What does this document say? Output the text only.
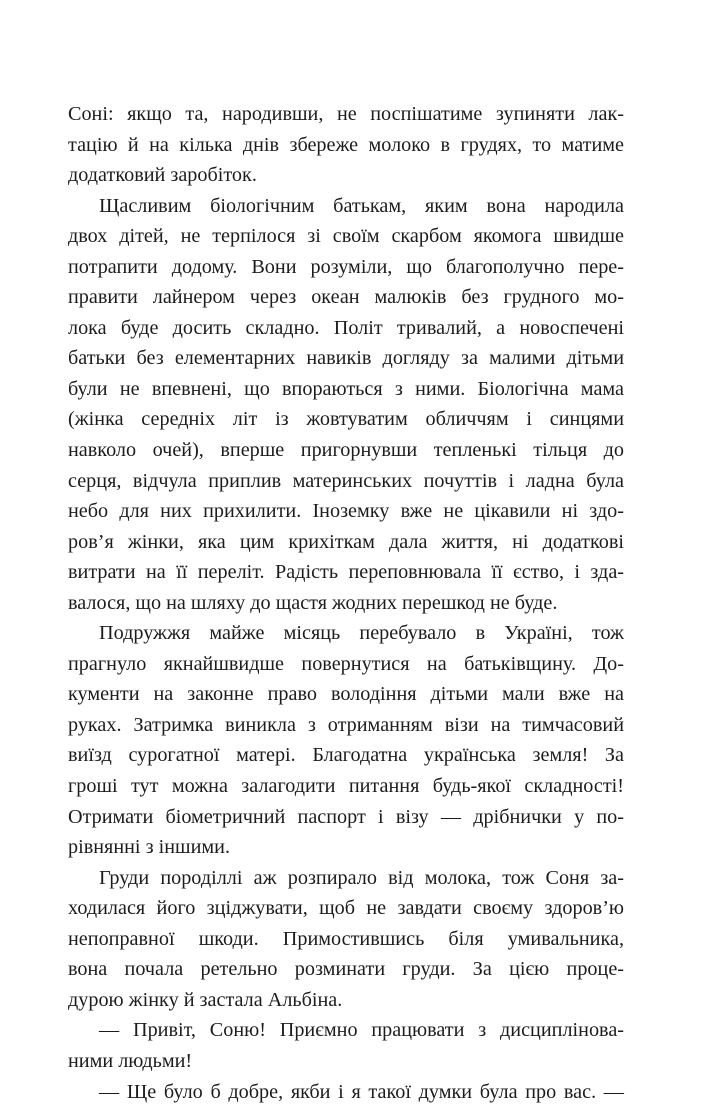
Соні: якщо та, народивши, не поспішатиме зупиняти лак-
тацію й на кілька днів збереже молоко в грудях, то матиме
додатковий заробіток.
Щасливим біологічним батькам, яким вона народила
двох дітей, не терпілося зі своїм скарбом якомога швидше
потрапити додому. Вони розуміли, що благополучно пере-
правити лайнером через океан малюків без грудного мо-
лока буде досить складно. Політ тривалий, а новоспечені
батьки без елементарних навиків догляду за малими дітьми
були не впевнені, що впораються з ними. Біологічна мама
(жінка середніх літ із жовтуватим обличчям і синцями
навколо очей), вперше пригорнувши тепленькі тільця до
серця, відчула приплив материнських почуттів і ладна була
небо для них прихилити. Іноземку вже не цікавили ні здо-
ров’я жінки, яка цим крихіткам дала життя, ні додаткові
витрати на її переліт. Радість переповнювала її єство, і зда-
валося, що на шляху до щастя жодних перешкод не буде.
Подружжя майже місяць перебувало в Україні, тож
прагнуло якнайшвидше повернутися на батьківщину. До-
кументи на законне право володіння дітьми мали вже на
руках. Затримка виникла з отриманням візи на тимчасовий
виїзд сурогатної матері. Благодатна українська земля! За
гроші тут можна залагодити питання будь-якої складності!
Отримати біометричний паспорт і візу — дрібнички у по-
рівнянні з іншими.
Груди породіллі аж розпирало від молока, тож Соня за-
ходилася його зціджувати, щоб не завдати своєму здоров’ю
непоправної шкоди. Примостившись біля умивальника,
вона почала ретельно розминати груди. За цією проце-
дурою жінку й застала Альбіна.
— Привіт, Соню! Приємно працювати з дисциплінова-
ними людьми!
— Ще було б добре, якби і я такої думки була про вас. —
